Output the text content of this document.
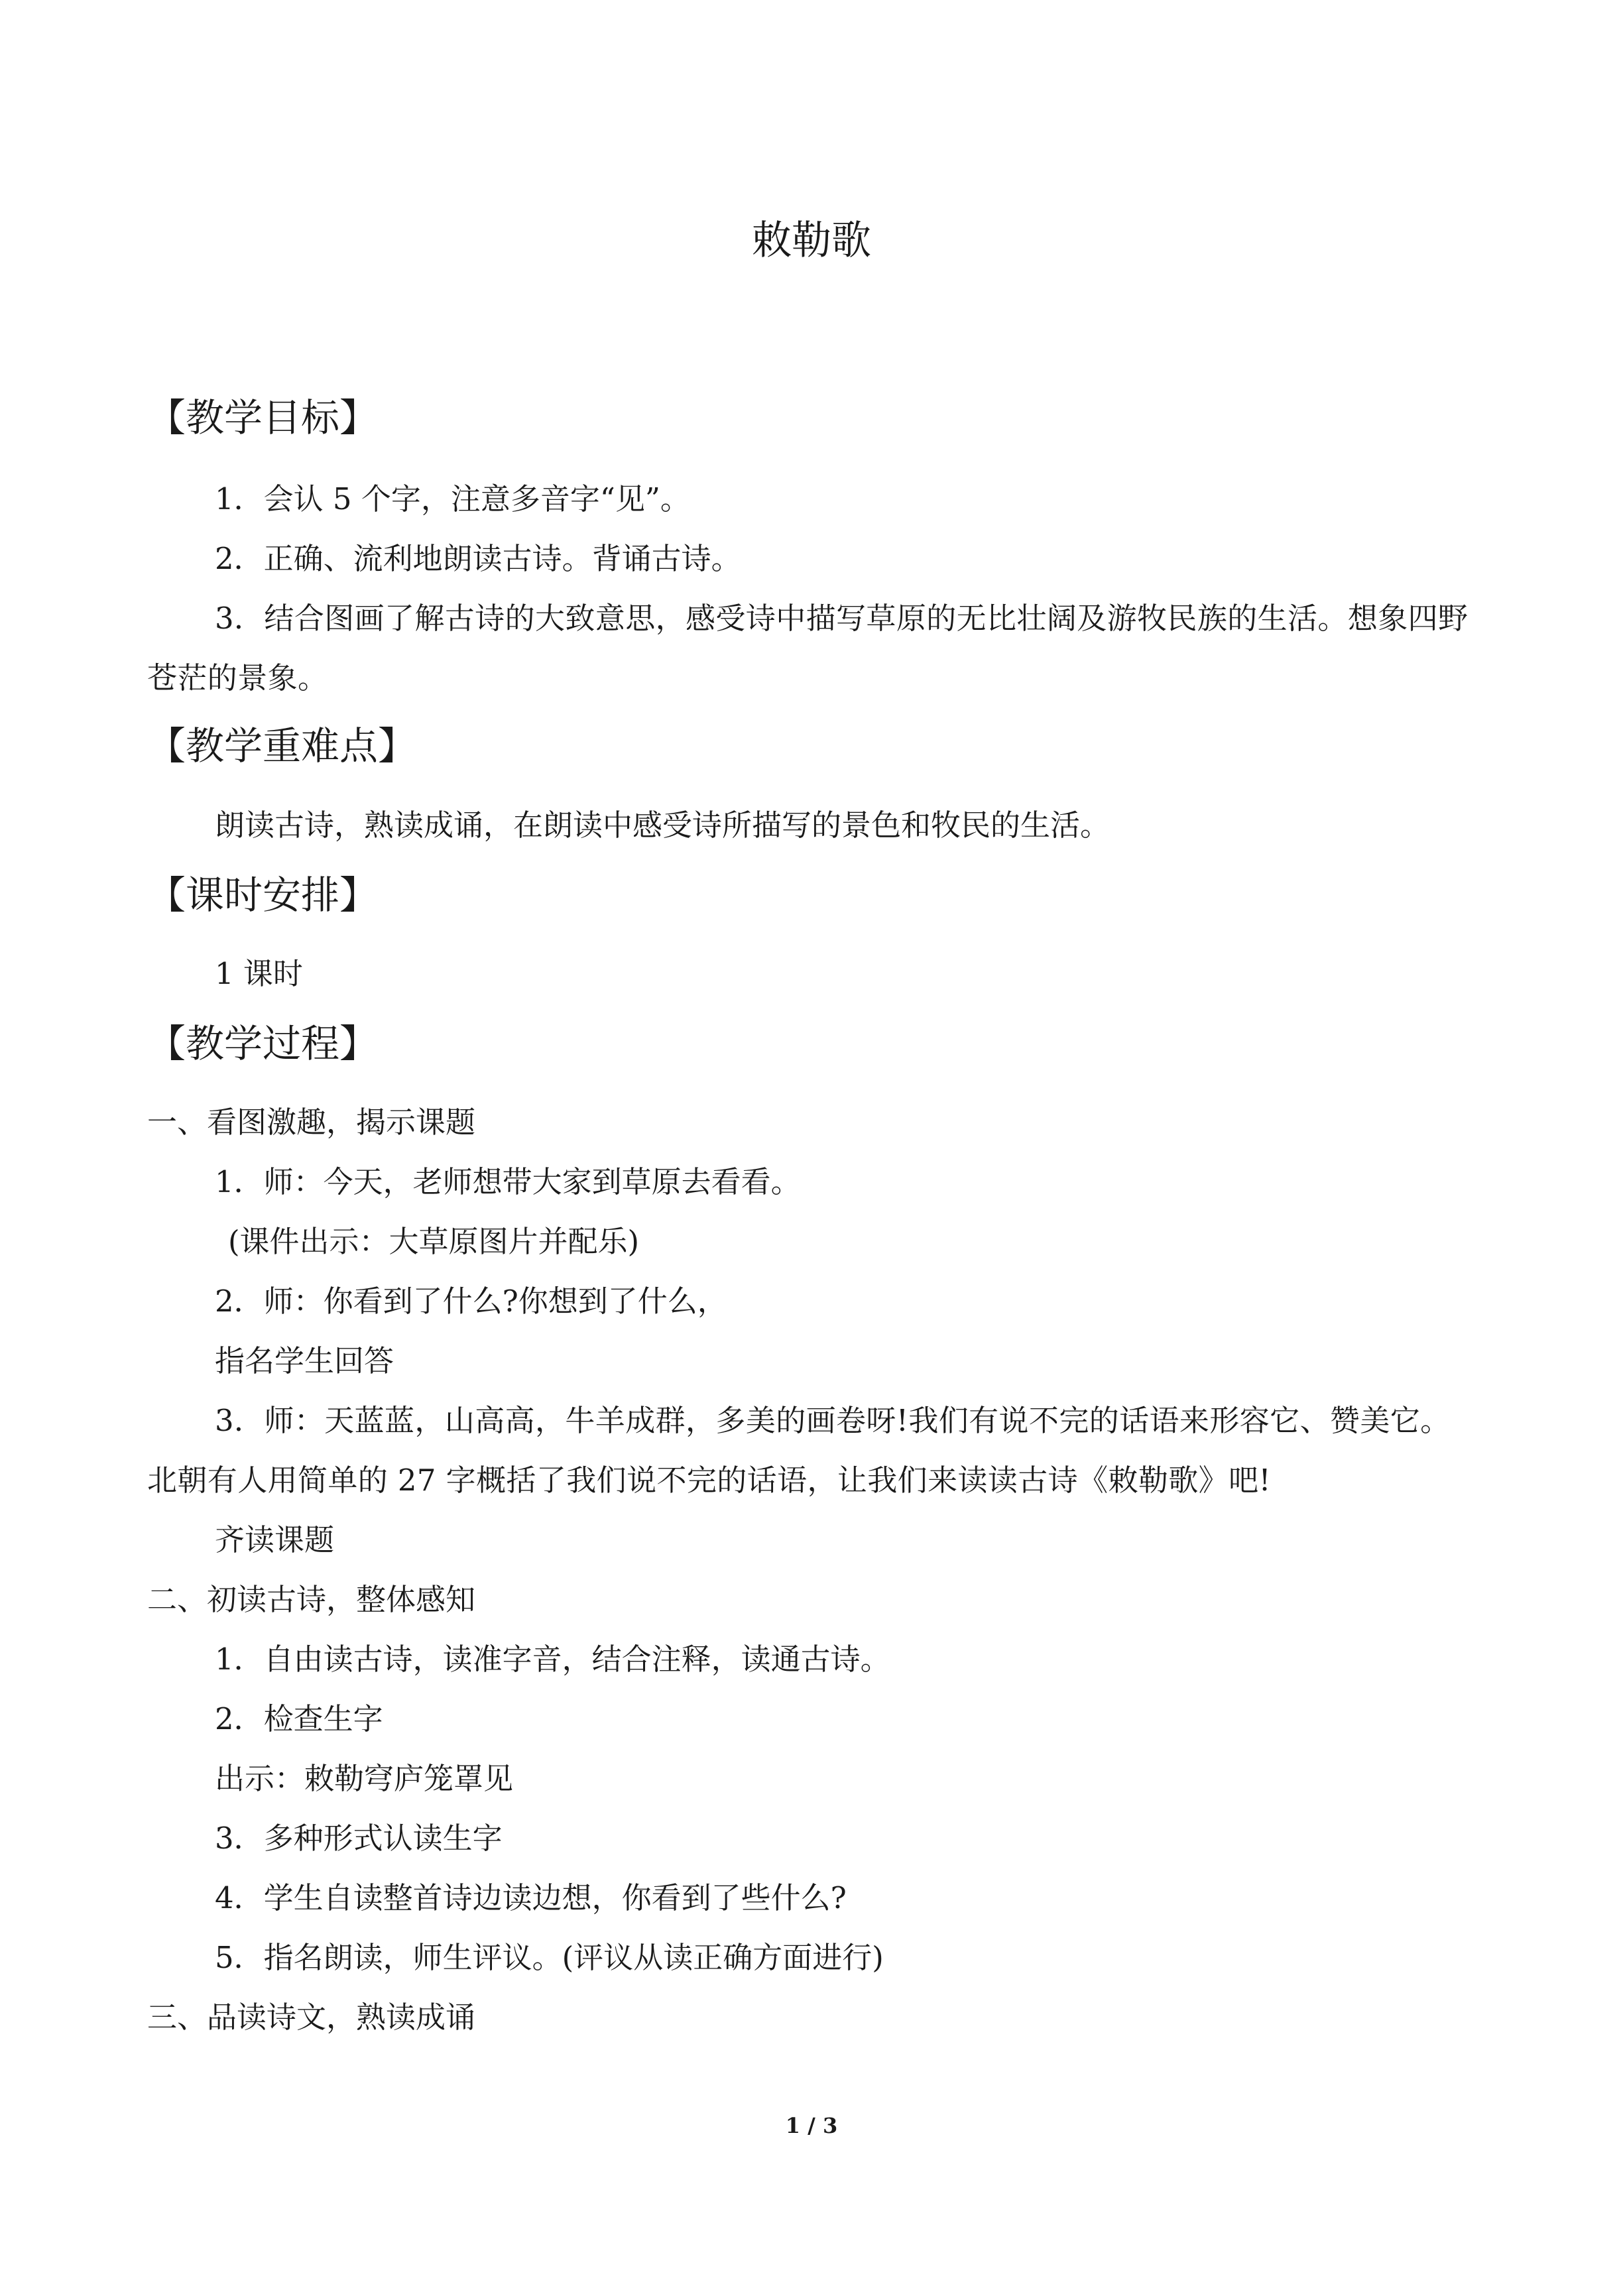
敕勒歌
【教学目标】
1．会认 5 个字，注意多音字“见”。
2．正确、流利地朗读古诗。背诵古诗。
3．结合图画了解古诗的大致意思，感受诗中描写草原的无比壮阔及游牧民族的生活。想象四野苍茫的景象。
【教学重难点】
朗读古诗，熟读成诵，在朗读中感受诗所描写的景色和牧民的生活。
【课时安排】
1 课时
【教学过程】
一、看图激趣，揭示课题
1．师：今天，老师想带大家到草原去看看。
(课件出示：大草原图片并配乐)
2．师：你看到了什么?你想到了什么，
指名学生回答
3．师：天蓝蓝，山高高，牛羊成群，多美的画卷呀!我们有说不完的话语来形容它、赞美它。北朝有人用简单的 27 字概括了我们说不完的话语，让我们来读读古诗《敕勒歌》吧!
齐读课题
二、初读古诗，整体感知
1．自由读古诗，读准字音，结合注释，读通古诗。
2．检查生字
出示：敕勒穹庐笼罩见
3．多种形式认读生字
4．学生自读整首诗边读边想，你看到了些什么?
5．指名朗读，师生评议。(评议从读正确方面进行)
三、品读诗文，熟读成诵
1 / 3
